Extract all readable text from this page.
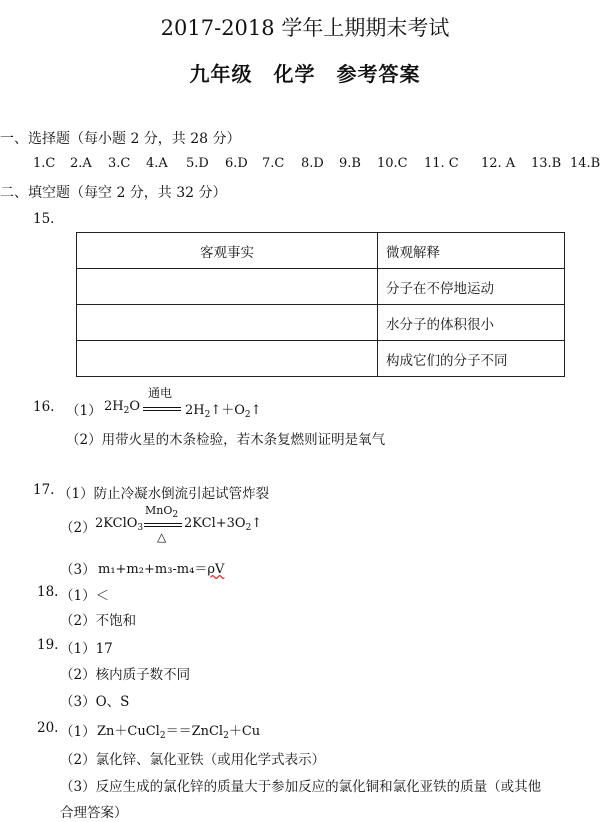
2017-2018 学年上期期末考试
九年级　化学　参考答案
一、选择题（每小题 2 分，共 28 分）
1.C 2.A 3.C 4.A 5.D 6.D 7.C 8.D 9.B 10.C 11. C 12. A 13.B 14.B
二、填空题（每空 2 分，共 32 分）
15.
客观事实	微观解释
	分子在不停地运动
	水分子的体积很小
	构成它们的分子不同
16. （1） $2H_2O$
通电
$2H_2↑+O_2↑$
（2）用带火星的木条检验，若木条复燃则证明是氧气
17. （1）防止冷凝水倒流引起试管炸裂
（2） 2KClO$_3$
MnO$_2$
△
$2KCl+3O_2↑$
（3） m₁+m₂+m₃-m₄＝ρV
18. （1）＜
（2）不饱和
19. （1）17
（2）核内质子数不同
（3）O、S
20. （1） Zn＋CuCl$_2$＝＝ZnCl$_2$＋Cu
（2）氯化锌、氯化亚铁（或用化学式表示）
（3）反应生成的氯化锌的质量大于参加反应的氯化铜和氯化亚铁的质量（或其他
合理答案）
